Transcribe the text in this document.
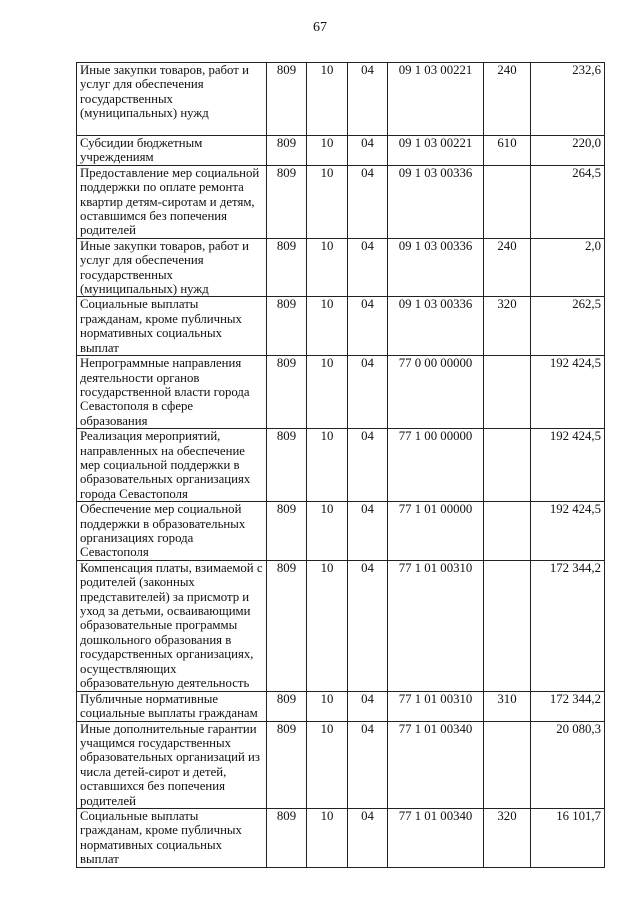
67
Иные закупки товаров, работ и услуг для обеспечения государственных (муниципальных) нужд	809	10	04	09 1 03 00221	240	232,6
Субсидии бюджетным учреждениям	809	10	04	09 1 03 00221	610	220,0
Предоставление мер социальной поддержки по оплате ремонта квартир детям-сиротам и детям, оставшимся без попечения родителей	809	10	04	09 1 03 00336		264,5
Иные закупки товаров, работ и услуг для обеспечения государственных (муниципальных) нужд	809	10	04	09 1 03 00336	240	2,0
Социальные выплаты гражданам, кроме публичных нормативных социальных выплат	809	10	04	09 1 03 00336	320	262,5
Непрограммные направления деятельности органов государственной власти города Севастополя в сфере образования	809	10	04	77 0 00 00000		192 424,5
Реализация мероприятий, направленных на обеспечение мер социальной поддержки в образовательных организациях города Севастополя	809	10	04	77 1 00 00000		192 424,5
Обеспечение мер социальной поддержки в образовательных организациях города Севастополя	809	10	04	77 1 01 00000		192 424,5
Компенсация платы, взимаемой с родителей (законных представителей) за присмотр и уход за детьми, осваивающими образовательные программы дошкольного образования в государственных организациях, осуществляющих образовательную деятельность	809	10	04	77 1 01 00310		172 344,2
Публичные нормативные социальные выплаты гражданам	809	10	04	77 1 01 00310	310	172 344,2
Иные дополнительные гарантии учащимся государственных образовательных организаций из числа детей-сирот и детей, оставшихся без попечения родителей	809	10	04	77 1 01 00340		20 080,3
Социальные выплаты гражданам, кроме публичных нормативных социальных выплат	809	10	04	77 1 01 00340	320	16 101,7
